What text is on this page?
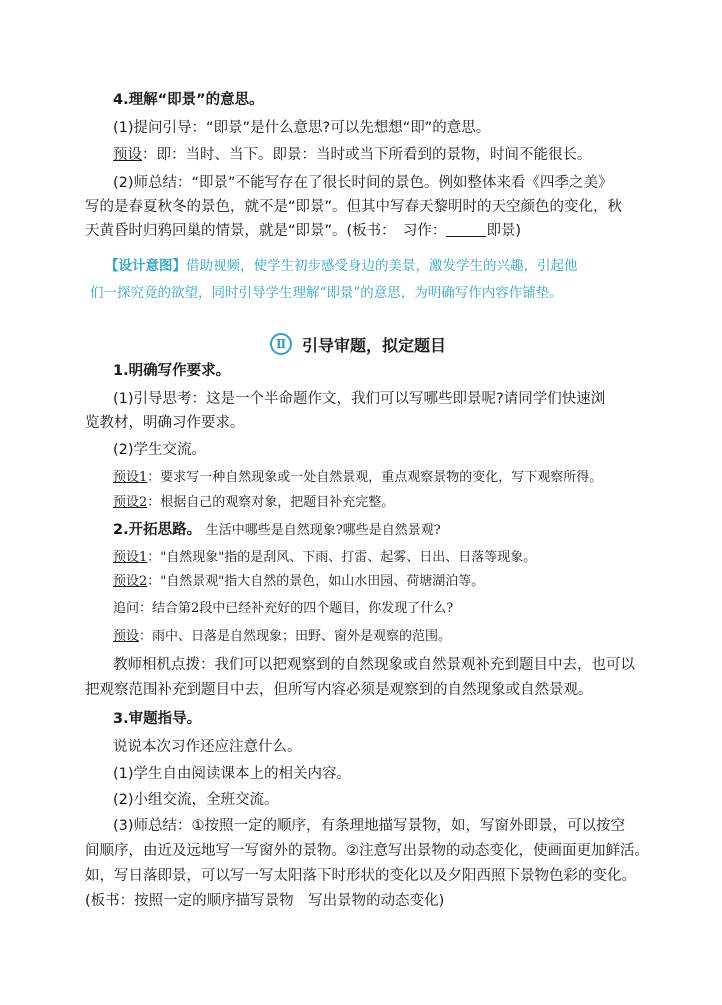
4.理解“即景”的意思。
(1)提问引导：“即景”是什么意思?可以先想想“即”的意思。
预设：即：当时、当下。即景：当时或当下所看到的景物，时间不能很长。
(2)师总结：“即景”不能写存在了很长时间的景色。例如整体来看《四季之美》
写的是春夏秋冬的景色，就不是“即景”。但其中写春天黎明时的天空颜色的变化，秋
天黄昏时归鸦回巢的情景，就是“即景”。(板书：　习作：	即景)
【设计意图】借助视频，使学生初步感受身边的美景，激发学生的兴趣，引起他
们一探究竟的欲望，同时引导学生理解“即景”的意思，为明确写作内容作铺垫。
Ⅱ 引导审题，拟定题目
1.明确写作要求。
(1)引导思考：这是一个半命题作文，我们可以写哪些即景呢?请同学们快速浏
览教材，明确习作要求。
(2)学生交流。
预设1：要求写一种自然现象或一处自然景观，重点观察景物的变化，写下观察所得。
预设2：根据自己的观察对象，把题目补充完整。
2.开拓思路。 生活中哪些是自然现象?哪些是自然景观?
预设1："自然现象"指的是刮风、下雨、打雷、起雾、日出、日落等现象。
预设2："自然景观"指大自然的景色，如山水田园、荷塘湖泊等。
追问：结合第2段中已经补充好的四个题目，你发现了什么?
预设：雨中、日落是自然现象；田野、窗外是观察的范围。
教师相机点拨：我们可以把观察到的自然现象或自然景观补充到题目中去，也可以
把观察范围补充到题目中去，但所写内容必须是观察到的自然现象或自然景观。
3.审题指导。
说说本次习作还应注意什么。
(1)学生自由阅读课本上的相关内容。
(2)小组交流，全班交流。
(3)师总结：①按照一定的顺序，有条理地描写景物，如，写窗外即景，可以按空
间顺序，由近及远地写一写窗外的景物。②注意写出景物的动态变化，使画面更加鲜活。
如，写日落即景，可以写一写太阳落下时形状的变化以及夕阳西照下景物色彩的变化。
(板书：按照一定的顺序描写景物　写出景物的动态变化)
